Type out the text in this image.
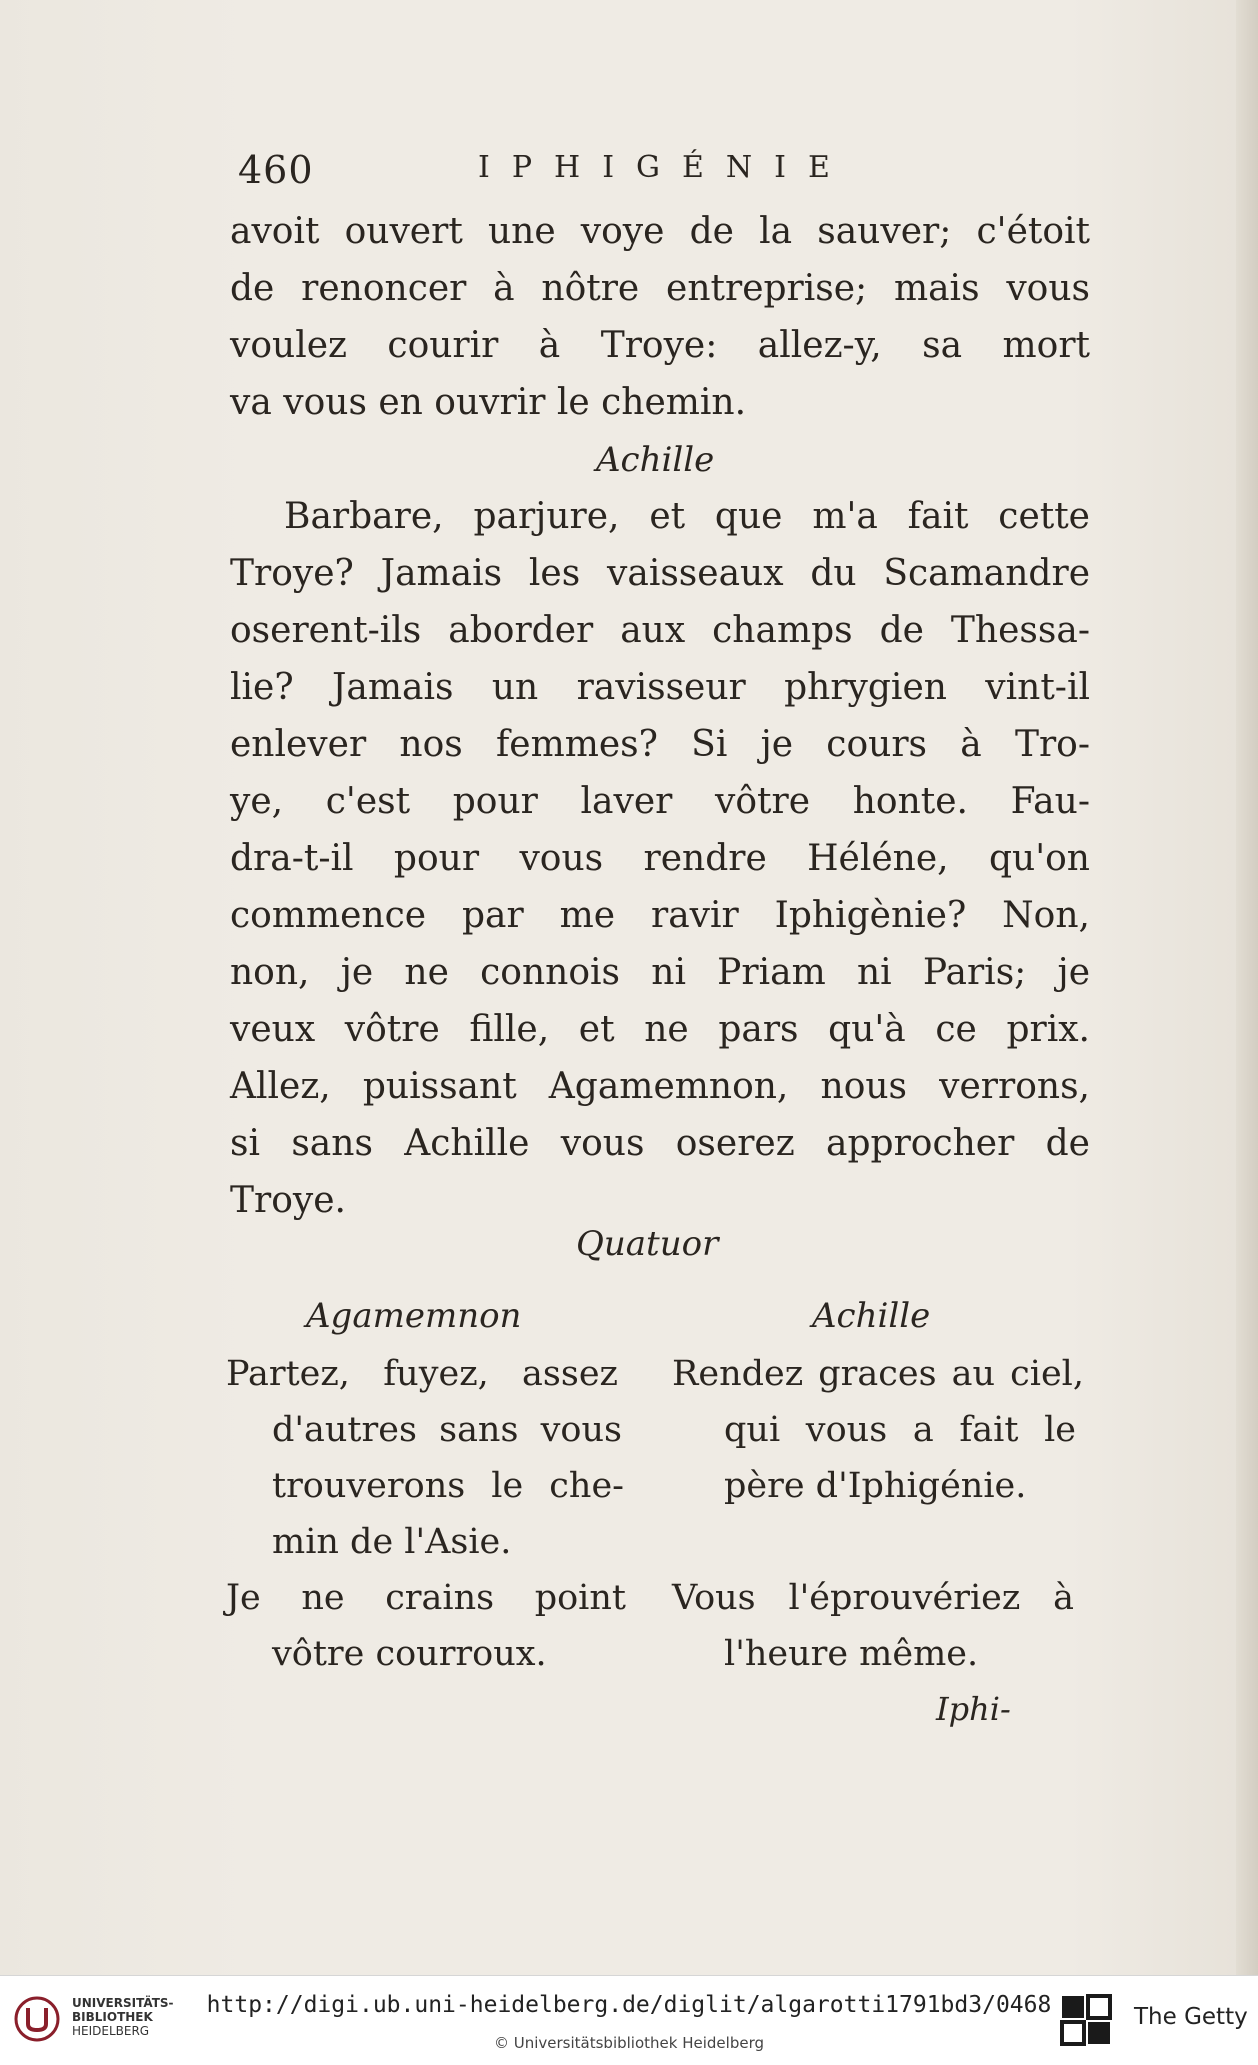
460	IPHIGÉNIE
avoit ouvert une voye de la sauver; c'étoit
de renoncer à nôtre entreprise; mais vous
voulez courir à Troye: allez-y, sa mort
va vous en ouvrir le chemin.
Achille
Barbare, parjure, et que m'a fait cette
Troye? Jamais les vaisseaux du Scamandre
oserent-ils aborder aux champs de Thessa-
lie? Jamais un ravisseur phrygien vint-il
enlever nos femmes? Si je cours à Tro-
ye, c'est pour laver vôtre honte. Fau-
dra-t-il pour vous rendre Héléne, qu'on
commence par me ravir Iphigènie? Non,
non, je ne connois ni Priam ni Paris; je
veux vôtre fille, et ne pars qu'à ce prix.
Allez, puissant Agamemnon, nous verrons,
si sans Achille vous oserez approcher de
Troye.
Quatuor
Agamemnon	Achille
Partez, fuyez, assez
d'autres sans vous
trouverons le che-
min de l'Asie.
Je ne crains point
vôtre courroux.
Rendez graces au ciel,
qui vous a fait le
père d'Iphigénie.
Vous l'éprouvériez à
l'heure même.
Iphi-
UNIVERSITÄTS-
BIBLIOTHEK
HEIDELBERG
http://digi.ub.uni-heidelberg.de/diglit/algarotti1791bd3/0468
© Universitätsbibliothek Heidelberg
The Getty
